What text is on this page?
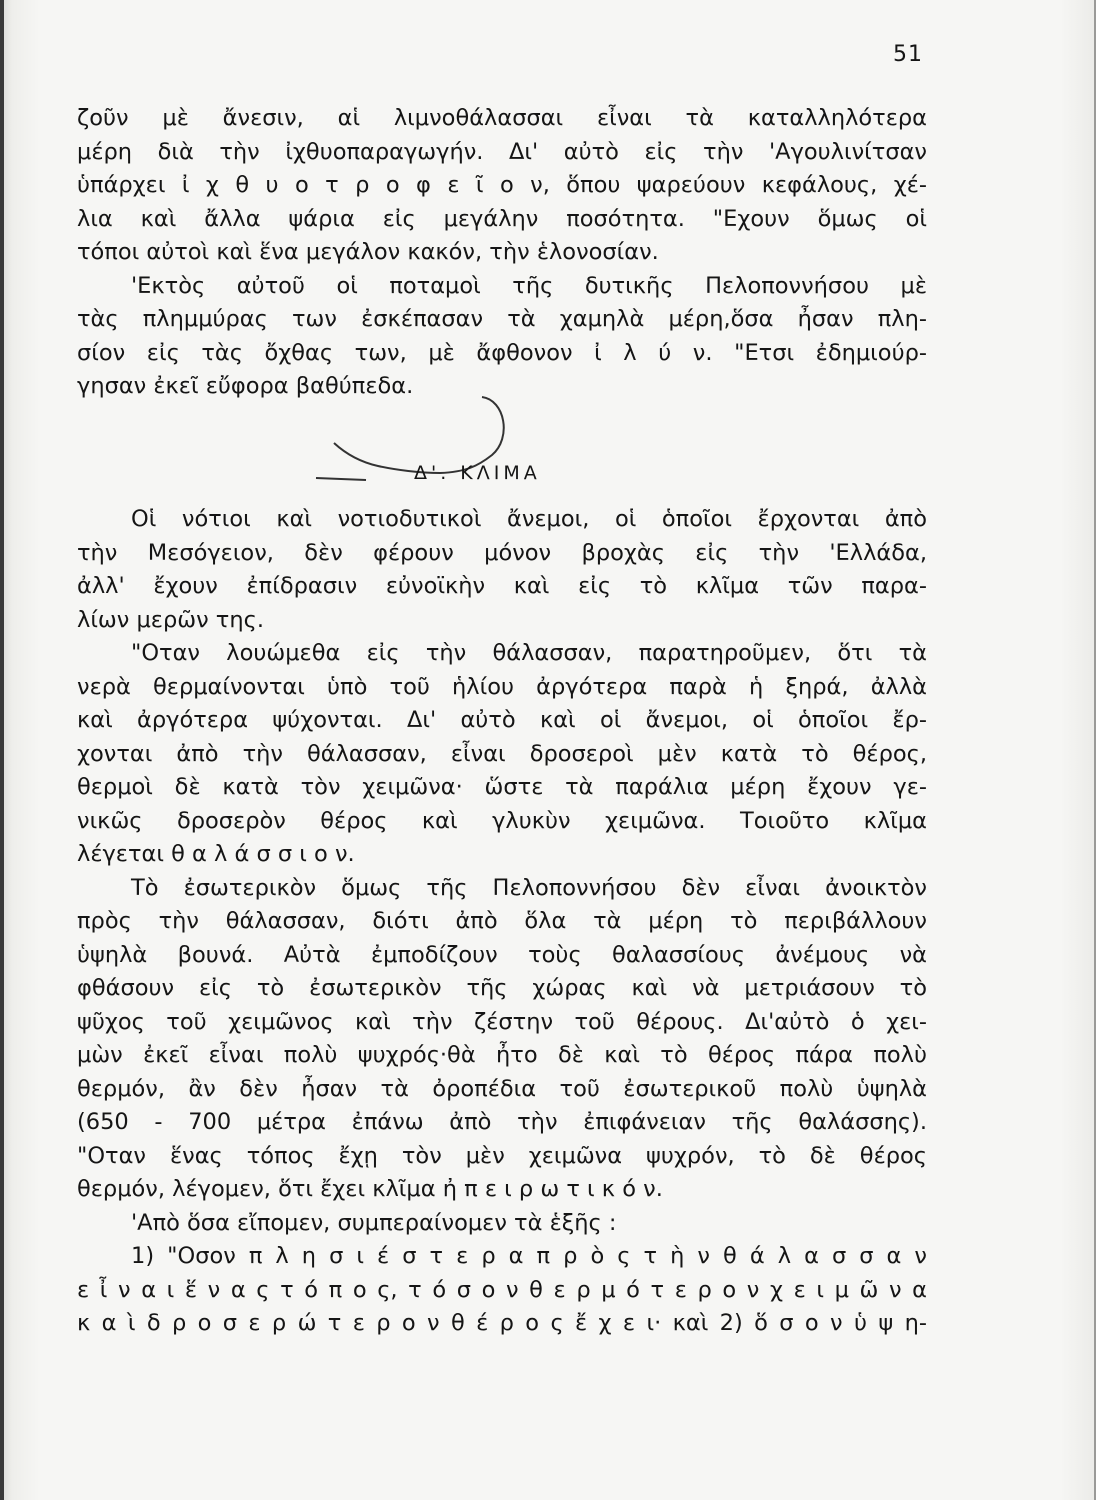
51
ζοῦν μὲ ἄνεσιν, αἱ λιμνοθάλασσαι εἶναι τὰ καταλληλότερα
μέρη διὰ τὴν ἰχθυοπαραγωγήν. Δι' αὐτὸ εἰς τὴν 'Αγουλινίτσαν
ὑπάρχει ἰ χ θ υ ο τ ρ ο φ ε ῖ ο ν, ὅπου ψαρεύουν κεφάλους, χέ-
λια καὶ ἄλλα ψάρια εἰς μεγάλην ποσότητα. "Εχουν ὅμως οἱ
τόποι αὐτοὶ καὶ ἕνα μεγάλον κακόν, τὴν ἑλονοσίαν.
'Εκτὸς αὐτοῦ οἱ ποταμοὶ τῆς δυτικῆς Πελοποννήσου μὲ
τὰς πλημμύρας των ἐσκέπασαν τὰ χαμηλὰ μέρη,ὅσα ἦσαν πλη-
σίον εἰς τὰς ὄχθας των, μὲ ἄφθονον ἰ λ ύ ν. "Ετσι ἐδημιούρ-
γησαν ἐκεῖ εὔφορα βαθύπεδα.
Δ'. ΚΛΙΜΑ
Οἱ νότιοι καὶ νοτιοδυτικοὶ ἄνεμοι, οἱ ὁποῖοι ἔρχονται ἀπὸ
τὴν Μεσόγειον, δὲν φέρουν μόνον βροχὰς εἰς τὴν 'Ελλάδα,
ἀλλ' ἔχουν ἐπίδρασιν εὐνοϊκὴν καὶ εἰς τὸ κλῖμα τῶν παρα-
λίων μερῶν της.
"Οταν λουώμεθα εἰς τὴν θάλασσαν, παρατηροῦμεν, ὅτι τὰ
νερὰ θερμαίνονται ὑπὸ τοῦ ἡλίου ἀργότερα παρὰ ἡ ξηρά, ἀλλὰ
καὶ ἀργότερα ψύχονται. Δι' αὐτὸ καὶ οἱ ἄνεμοι, οἱ ὁποῖοι ἔρ-
χονται ἀπὸ τὴν θάλασσαν, εἶναι δροσεροὶ μὲν κατὰ τὸ θέρος,
θερμοὶ δὲ κατὰ τὸν χειμῶνα· ὥστε τὰ παράλια μέρη ἔχουν γε-
νικῶς δροσερὸν θέρος καὶ γλυκὺν χειμῶνα. Τοιοῦτο κλῖμα
λέγεται θ α λ ά σ σ ι ο ν.
Τὸ ἐσωτερικὸν ὅμως τῆς Πελοποννήσου δὲν εἶναι ἀνοικτὸν
πρὸς τὴν θάλασσαν, διότι ἀπὸ ὅλα τὰ μέρη τὸ περιβάλλουν
ὑψηλὰ βουνά. Αὐτὰ ἐμποδίζουν τοὺς θαλασσίους ἀνέμους νὰ
φθάσουν εἰς τὸ ἐσωτερικὸν τῆς χώρας καὶ νὰ μετριάσουν τὸ
ψῦχος τοῦ χειμῶνος καὶ τὴν ζέστην τοῦ θέρους. Δι'αὐτὸ ὁ χει-
μὼν ἐκεῖ εἶναι πολὺ ψυχρός·θὰ ἦτο δὲ καὶ τὸ θέρος πάρα πολὺ
θερμόν, ἂν δὲν ἦσαν τὰ ὀροπέδια τοῦ ἐσωτερικοῦ πολὺ ὑψηλὰ
(650 - 700 μέτρα ἐπάνω ἀπὸ τὴν ἐπιφάνειαν τῆς θαλάσσης).
"Οταν ἕνας τόπος ἔχῃ τὸν μὲν χειμῶνα ψυχρόν, τὸ δὲ θέρος
θερμόν, λέγομεν, ὅτι ἔχει κλῖμα ἠ π ε ι ρ ω τ ι κ ό ν.
'Απὸ ὅσα εἴπομεν, συμπεραίνομεν τὰ ἑξῆς :
1) "Οσον π λ η σ ι έ σ τ ε ρ α π ρ ὸ ς τ ὴ ν θ ά λ α σ σ α ν
ε ἶ ν α ι ἕ ν α ς τ ό π ο ς, τ ό σ ο ν θ ε ρ μ ό τ ε ρ ο ν χ ε ι μ ῶ ν α
κ α ὶ δ ρ ο σ ε ρ ώ τ ε ρ ο ν θ έ ρ ο ς ἔ χ ε ι· καὶ 2) ὅ σ ο ν ὑ ψ η-
